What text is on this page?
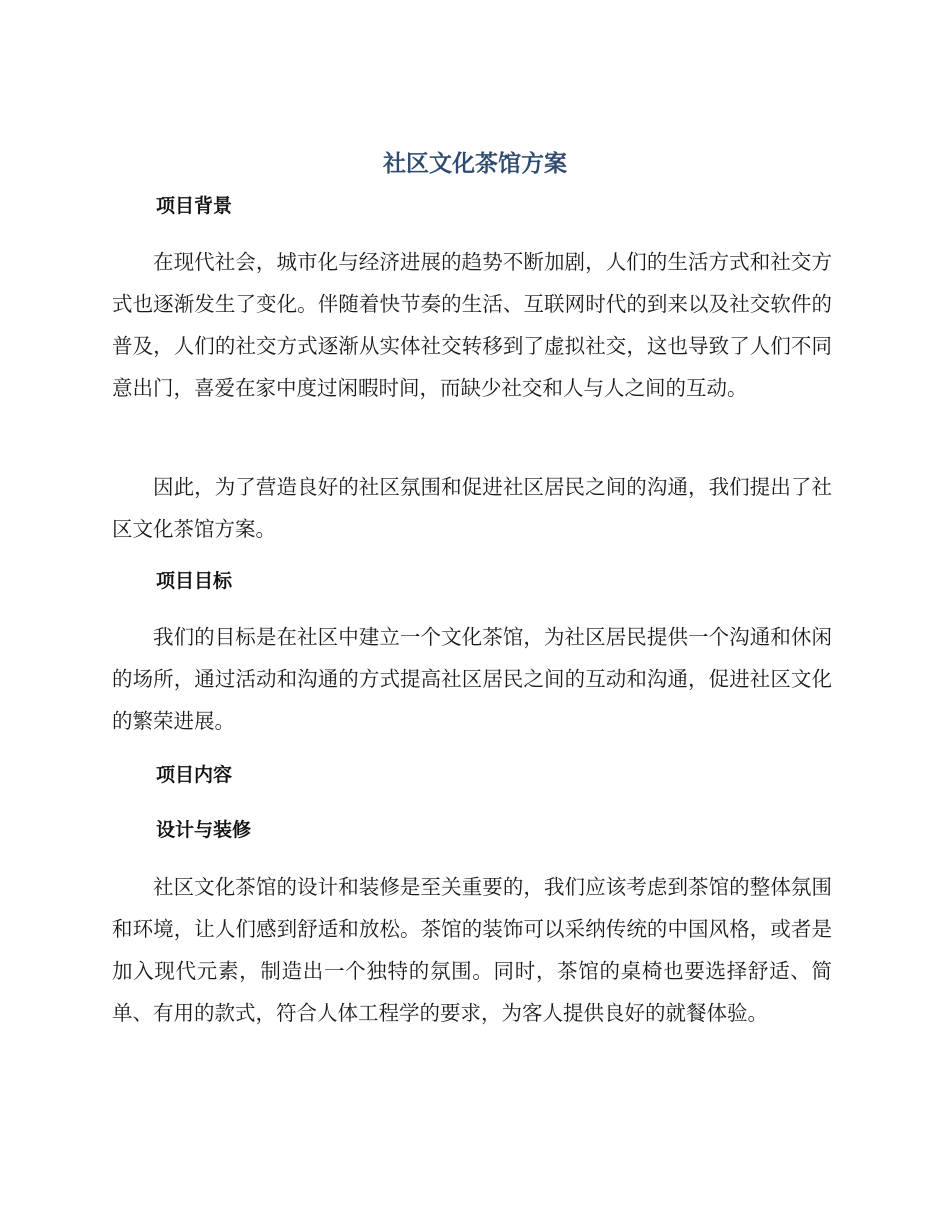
社区文化茶馆方案
项目背景

在现代社会，城市化与经济进展的趋势不断加剧，人们的生活方式和社交方式也逐渐发生了变化。伴随着快节奏的生活、互联网时代的到来以及社交软件的普及，人们的社交方式逐渐从实体社交转移到了虚拟社交，这也导致了人们不同意出门，喜爱在家中度过闲暇时间，而缺少社交和人与人之间的互动。

因此，为了营造良好的社区氛围和促进社区居民之间的沟通，我们提出了社区文化茶馆方案。

项目目标

我们的目标是在社区中建立一个文化茶馆，为社区居民提供一个沟通和休闲的场所，通过活动和沟通的方式提高社区居民之间的互动和沟通，促进社区文化的繁荣进展。

项目内容
设计与装修

社区文化茶馆的设计和装修是至关重要的，我们应该考虑到茶馆的整体氛围和环境，让人们感到舒适和放松。茶馆的装饰可以采纳传统的中国风格，或者是加入现代元素，制造出一个独特的氛围。同时，茶馆的桌椅也要选择舒适、简单、有用的款式，符合人体工程学的要求，为客人提供良好的就餐体验。
